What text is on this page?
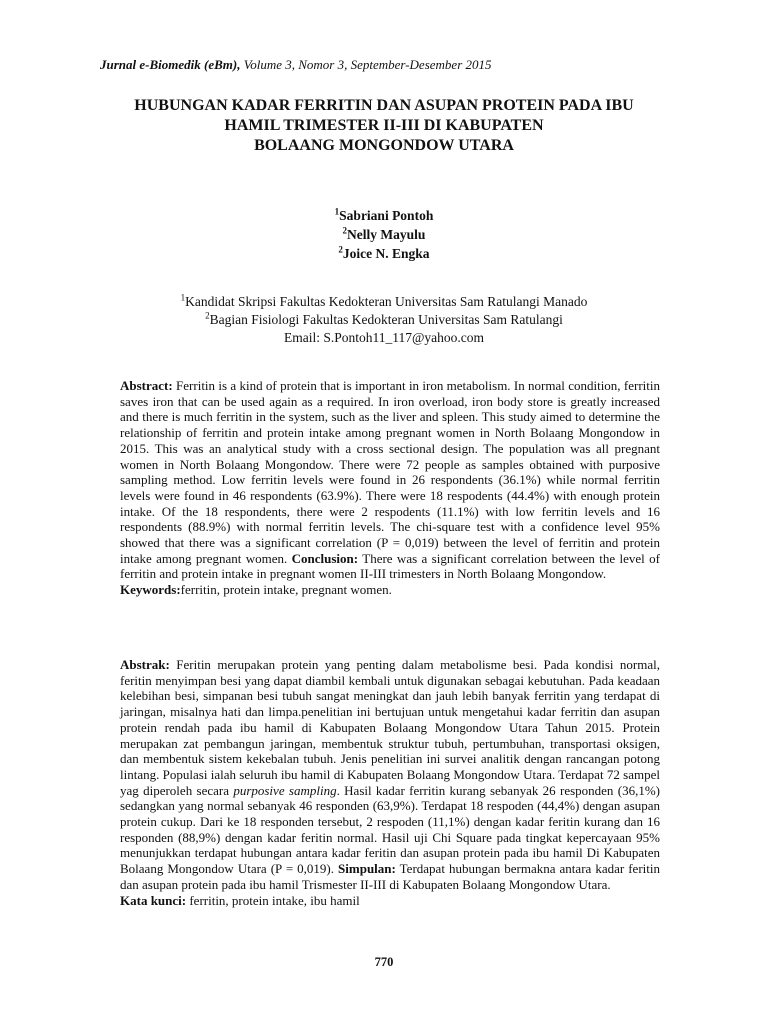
Jurnal e-Biomedik (eBm), Volume 3, Nomor 3, September-Desember 2015
HUBUNGAN KADAR FERRITIN DAN ASUPAN PROTEIN PADA IBU
HAMIL TRIMESTER II-III DI KABUPATEN
BOLAANG MONGONDOW UTARA
$^1$Sabriani Pontoh
$^2$Nelly Mayulu
$^2$Joice N. Engka
$^1$Kandidat Skripsi Fakultas Kedokteran Universitas Sam Ratulangi Manado
$^2$Bagian Fisiologi Fakultas Kedokteran Universitas Sam Ratulangi
Email: S.Pontoh11_117@yahoo.com
Abstract: Ferritin is a kind of protein that is important in iron metabolism. In normal condition, ferritin saves iron that can be used again as a required. In iron overload, iron body store is greatly increased and there is much ferritin in the system, such as the liver and spleen. This study aimed to determine the relationship of ferritin and protein intake among pregnant women in North Bolaang Mongondow in 2015. This was an analytical study with a cross sectional design. The population was all pregnant women in North Bolaang Mongondow. There were 72 people as samples obtained with purposive sampling method. Low ferritin levels were found in 26 respondents (36.1%) while normal ferritin levels were found in 46 respondents (63.9%). There were 18 respodents (44.4%) with enough protein intake. Of the 18 respondents, there were 2 respodents (11.1%) with low ferritin levels and 16 respondents (88.9%) with normal ferritin levels. The chi-square test with a confidence level 95% showed that there was a significant correlation (P = 0,019) between the level of ferritin and protein intake among pregnant women. Conclusion: There was a significant correlation between the level of ferritin and protein intake in pregnant women II-III trimesters in North Bolaang Mongondow.
Keywords:ferritin, protein intake, pregnant women.
Abstrak: Feritin merupakan protein yang penting dalam metabolisme besi. Pada kondisi normal, feritin menyimpan besi yang dapat diambil kembali untuk digunakan sebagai kebutuhan. Pada keadaan kelebihan besi, simpanan besi tubuh sangat meningkat dan jauh lebih banyak ferritin yang terdapat di jaringan, misalnya hati dan limpa.penelitian ini bertujuan untuk mengetahui kadar ferritin dan asupan protein rendah pada ibu hamil di Kabupaten Bolaang Mongondow Utara Tahun 2015. Protein merupakan zat pembangun jaringan, membentuk struktur tubuh, pertumbuhan, transportasi oksigen, dan membentuk sistem kekebalan tubuh. Jenis penelitian ini survei analitik dengan rancangan potong lintang. Populasi ialah seluruh ibu hamil di Kabupaten Bolaang Mongondow Utara. Terdapat 72 sampel yag diperoleh secara purposive sampling. Hasil kadar ferritin kurang sebanyak 26 responden (36,1%) sedangkan yang normal sebanyak 46 responden (63,9%). Terdapat 18 respoden (44,4%) dengan asupan protein cukup. Dari ke 18 responden tersebut, 2 respoden (11,1%) dengan kadar feritin kurang dan 16 responden (88,9%) dengan kadar feritin normal. Hasil uji Chi Square pada tingkat kepercayaan 95% menunjukkan terdapat hubungan antara kadar feritin dan asupan protein pada ibu hamil Di Kabupaten Bolaang Mongondow Utara (P = 0,019). Simpulan: Terdapat hubungan bermakna antara kadar feritin dan asupan protein pada ibu hamil Trismester II-III di Kabupaten Bolaang Mongondow Utara.
Kata kunci: ferritin, protein intake, ibu hamil
770
